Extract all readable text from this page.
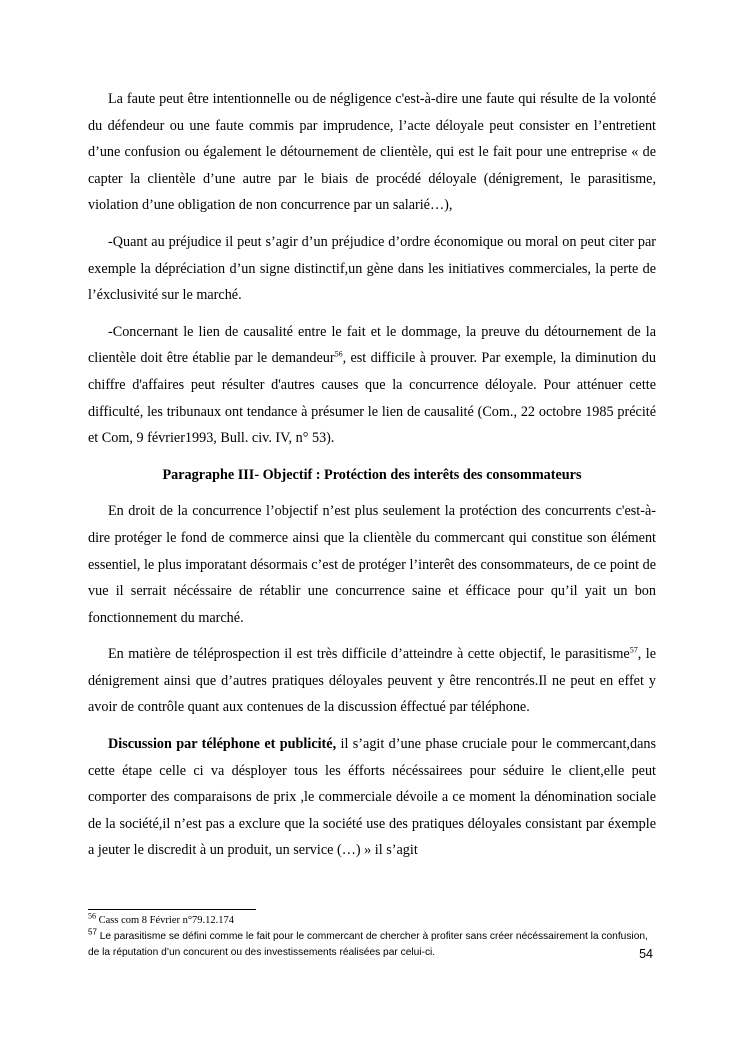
La faute peut être intentionnelle ou de négligence c'est-à-dire une faute qui résulte de la volonté du défendeur ou une faute commis par imprudence, l’acte déloyale peut consister en l’entretient d’une confusion ou également le détournement de clientèle, qui est le fait pour une entreprise « de capter la clientèle d’une autre par le biais de procédé déloyale (dénigrement, le parasitisme, violation d’une obligation de non concurrence par un salarié…),

-Quant au préjudice il peut s’agir d’un préjudice d’ordre économique ou moral on peut citer par exemple la dépréciation d’un signe distinctif,un gène dans les initiatives commerciales, la perte de l’éxclusivité sur le marché.

-Concernant le lien de causalité entre le fait et le dommage, la preuve du détournement de la clientèle doit être établie par le demandeur$^{56}$, est difficile à prouver. Par exemple, la diminution du chiffre d'affaires peut résulter d'autres causes que la concurrence déloyale. Pour atténuer cette difficulté, les tribunaux ont tendance à présumer le lien de causalité (Com., 22 octobre 1985 précité et Com, 9 février1993, Bull. civ. IV, n° 53).

Paragraphe III- Objectif : Protéction des interêts des consommateurs

En droit de la concurrence l’objectif n’est plus seulement la protéction des concurrents c'est-à-dire protéger le fond de commerce ainsi que la clientèle du commercant qui constitue son élément essentiel, le plus imporatant désormais c’est de protéger l’interêt des consommateurs, de ce point de vue il serrait nécéssaire de rétablir une concurrence saine et éfficace pour qu’il yait un bon fonctionnement du marché.

En matière de téléprospection il est très difficile d’atteindre à cette objectif, le parasitisme$^{57}$, le dénigrement ainsi que d’autres pratiques déloyales peuvent y être rencontrés.Il ne peut en effet y avoir de contrôle quant aux contenues de la discussion éffectué par téléphone.

Discussion par téléphone et publicité, il s’agit d’une phase cruciale pour le commercant,dans cette étape celle ci va désployer tous les éfforts nécéssairees pour séduire le client,elle peut comporter des comparaisons de prix ,le commerciale dévoile a ce moment la dénomination sociale de la société,il n’est pas a exclure que la société use des pratiques déloyales consistant par éxemple a jeuter le discredit à un produit, un service (…) » il s’agit

$^{56}$ Cass com 8 Février n°79.12.174
$^{57}$ Le parasitisme se défini comme le fait pour le commercant de chercher à profiter sans créer nécéssairement la confusion, de la réputation d’un concurent ou des investissements réalisées par celui-ci.	54
